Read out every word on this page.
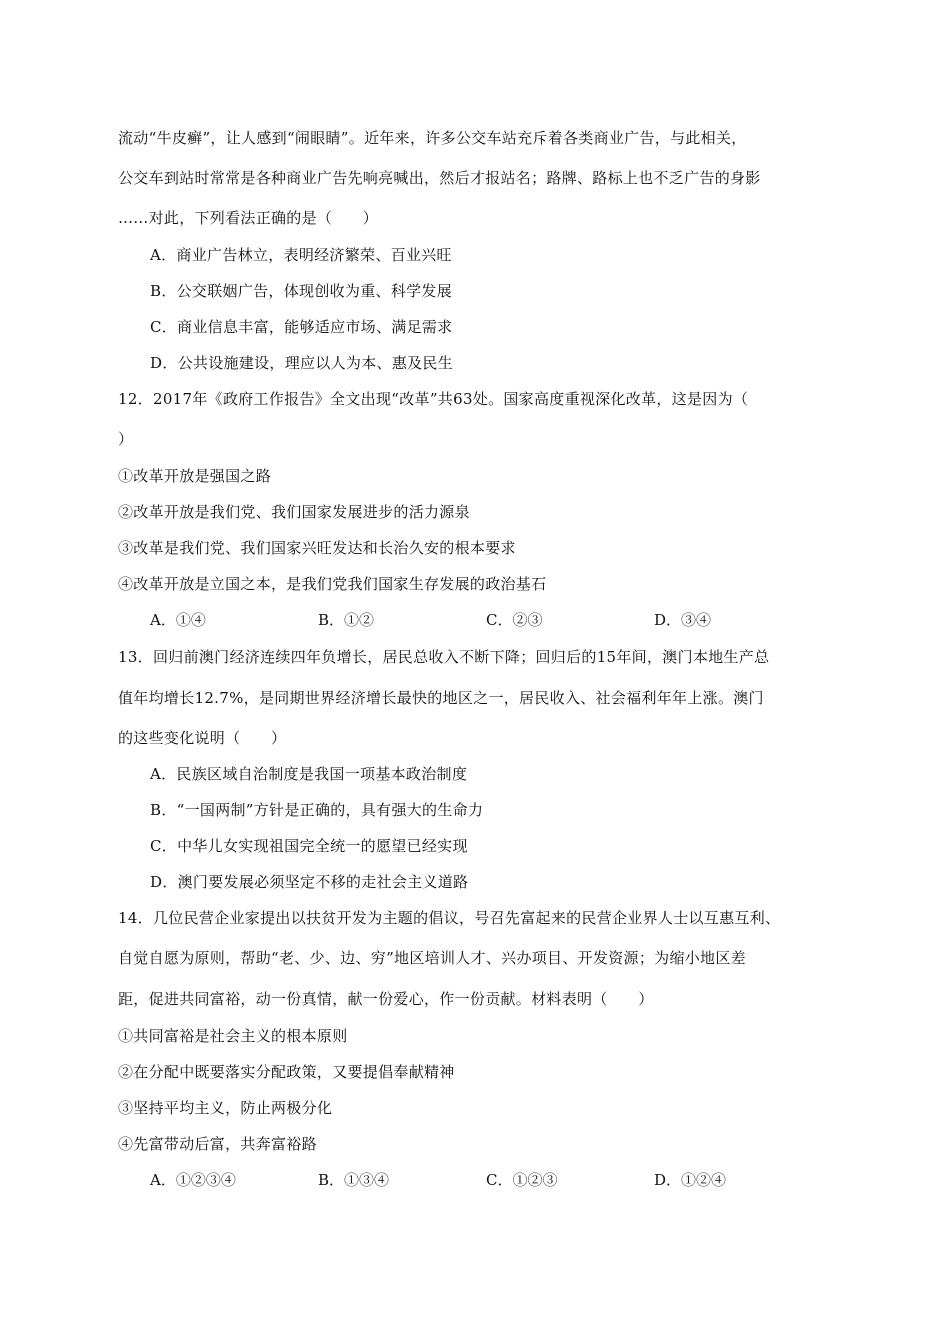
流动“牛皮癣”，让人感到“闹眼睛”。近年来，许多公交车站充斥着各类商业广告，与此相关，
公交车到站时常常是各种商业广告先响亮喊出，然后才报站名；路牌、路标上也不乏广告的身影
……对此，下列看法正确的是（　　）
A．商业广告林立，表明经济繁荣、百业兴旺
B．公交联姻广告，体现创收为重、科学发展
C．商业信息丰富，能够适应市场、满足需求
D．公共设施建设，理应以人为本、惠及民生
12．2017年《政府工作报告》全文出现“改革”共63处。国家高度重视深化改革，这是因为（
）
①改革开放是强国之路
②改革开放是我们党、我们国家发展进步的活力源泉
③改革是我们党、我们国家兴旺发达和长治久安的根本要求
④改革开放是立国之本，是我们党我们国家生存发展的政治基石
A．①④	B．①②	C．②③	D．③④
13．回归前澳门经济连续四年负增长，居民总收入不断下降；回归后的15年间，澳门本地生产总
值年均增长12.7%，是同期世界经济增长最快的地区之一，居民收入、社会福利年年上涨。澳门
的这些变化说明（　　）
A．民族区域自治制度是我国一项基本政治制度
B．“一国两制”方针是正确的，具有强大的生命力
C．中华儿女实现祖国完全统一的愿望已经实现
D．澳门要发展必须坚定不移的走社会主义道路
14．几位民营企业家提出以扶贫开发为主题的倡议，号召先富起来的民营企业界人士以互惠互利、
自觉自愿为原则，帮助“老、少、边、穷”地区培训人才、兴办项目、开发资源；为缩小地区差
距，促进共同富裕，动一份真情，献一份爱心，作一份贡献。材料表明（　　）
①共同富裕是社会主义的根本原则
②在分配中既要落实分配政策，又要提倡奉献精神
③坚持平均主义，防止两极分化
④先富带动后富，共奔富裕路
A．①②③④	B．①③④	C．①②③	D．①②④
